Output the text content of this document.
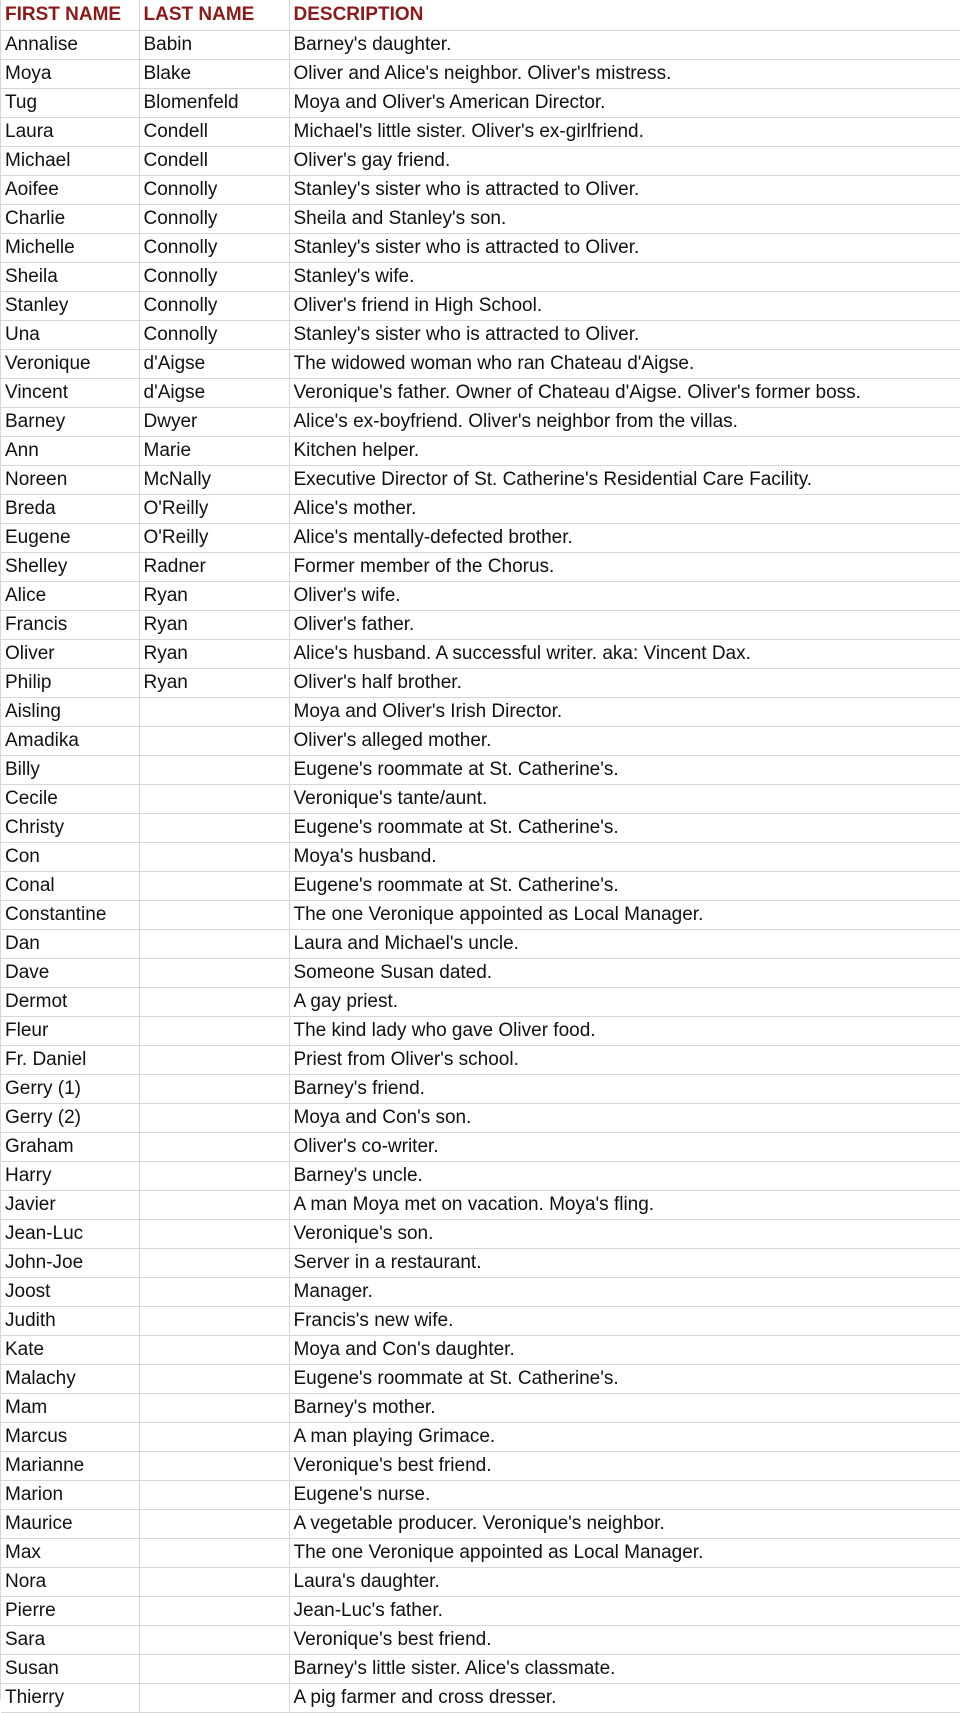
FIRST NAME	LAST NAME	DESCRIPTION
Annalise	Babin	Barney's daughter.
Moya	Blake	Oliver and Alice's neighbor. Oliver's mistress.
Tug	Blomenfeld	Moya and Oliver's American Director.
Laura	Condell	Michael's little sister. Oliver's ex-girlfriend.
Michael	Condell	Oliver's gay friend.
Aoifee	Connolly	Stanley's sister who is attracted to Oliver.
Charlie	Connolly	Sheila and Stanley's son.
Michelle	Connolly	Stanley's sister who is attracted to Oliver.
Sheila	Connolly	Stanley's wife.
Stanley	Connolly	Oliver's friend in High School.
Una	Connolly	Stanley's sister who is attracted to Oliver.
Veronique	d'Aigse	The widowed woman who ran Chateau d'Aigse.
Vincent	d'Aigse	Veronique's father. Owner of Chateau d'Aigse. Oliver's former boss.
Barney	Dwyer	Alice's ex-boyfriend. Oliver's neighbor from the villas.
Ann	Marie	Kitchen helper.
Noreen	McNally	Executive Director of St. Catherine's Residential Care Facility.
Breda	O'Reilly	Alice's mother.
Eugene	O'Reilly	Alice's mentally-defected brother.
Shelley	Radner	Former member of the Chorus.
Alice	Ryan	Oliver's wife.
Francis	Ryan	Oliver's father.
Oliver	Ryan	Alice's husband. A successful writer. aka: Vincent Dax.
Philip	Ryan	Oliver's half brother.
Aisling		Moya and Oliver's Irish Director.
Amadika		Oliver's alleged mother.
Billy		Eugene's roommate at St. Catherine's.
Cecile		Veronique's tante/aunt.
Christy		Eugene's roommate at St. Catherine's.
Con		Moya's husband.
Conal		Eugene's roommate at St. Catherine's.
Constantine		The one Veronique appointed as Local Manager.
Dan		Laura and Michael's uncle.
Dave		Someone Susan dated.
Dermot		A gay priest.
Fleur		The kind lady who gave Oliver food.
Fr. Daniel		Priest from Oliver's school.
Gerry (1)		Barney's friend.
Gerry (2)		Moya and Con's son.
Graham		Oliver's co-writer.
Harry		Barney's uncle.
Javier		A man Moya met on vacation. Moya's fling.
Jean-Luc		Veronique's son.
John-Joe		Server in a restaurant.
Joost		Manager.
Judith		Francis's new wife.
Kate		Moya and Con's daughter.
Malachy		Eugene's roommate at St. Catherine's.
Mam		Barney's mother.
Marcus		A man playing Grimace.
Marianne		Veronique's best friend.
Marion		Eugene's nurse.
Maurice		A vegetable producer. Veronique's neighbor.
Max		The one Veronique appointed as Local Manager.
Nora		Laura's daughter.
Pierre		Jean-Luc's father.
Sara		Veronique's best friend.
Susan		Barney's little sister. Alice's classmate.
Thierry		A pig farmer and cross dresser.
